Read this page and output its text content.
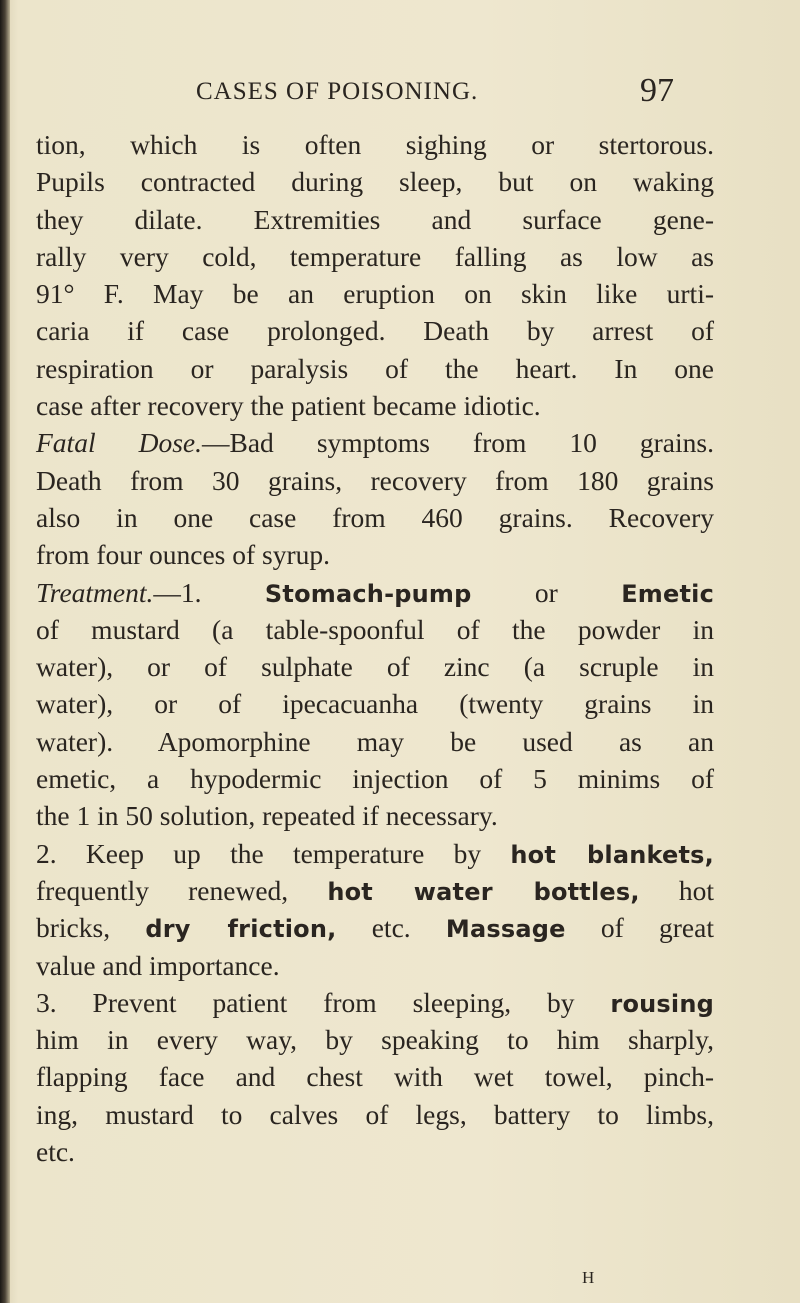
CASES OF POISONING.	97
tion, which is often sighing or stertorous.
Pupils contracted during sleep, but on waking
they dilate. Extremities and surface gene-
rally very cold, temperature falling as low as
91° F. May be an eruption on skin like urti-
caria if case prolonged. Death by arrest of
respiration or paralysis of the heart. In one
case after recovery the patient became idiotic.
Fatal Dose.—Bad symptoms from 10 grains.
Death from 30 grains, recovery from 180 grains
also in one case from 460 grains. Recovery
from four ounces of syrup.
Treatment.—1. Stomach-pump or Emetic
of mustard (a table-spoonful of the powder in
water), or of sulphate of zinc (a scruple in
water), or of ipecacuanha (twenty grains in
water). Apomorphine may be used as an
emetic, a hypodermic injection of 5 minims of
the 1 in 50 solution, repeated if necessary.
2. Keep up the temperature by hot blankets,
frequently renewed, hot water bottles, hot
bricks, dry friction, etc. Massage of great
value and importance.
3. Prevent patient from sleeping, by rousing
him in every way, by speaking to him sharply,
flapping face and chest with wet towel, pinch-
ing, mustard to calves of legs, battery to limbs,
etc.
H
